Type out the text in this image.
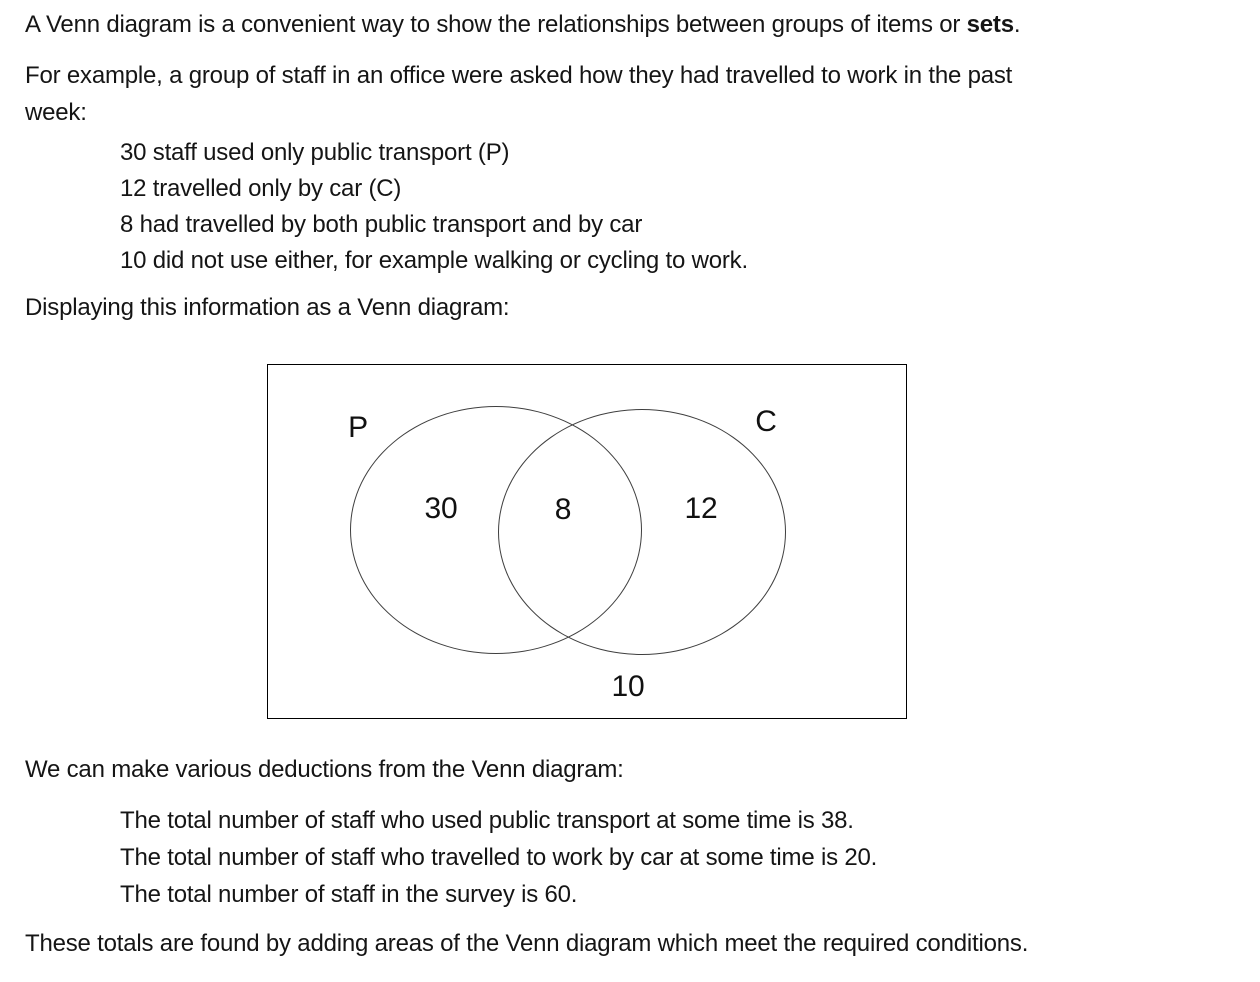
A Venn diagram is a convenient way to show the relationships between groups of items or sets.

For example, a group of staff in an office were asked how they had travelled to work in the past
week:
30 staff used only public transport (P)
12 travelled only by car (C)
8 had travelled by both public transport and by car
10 did not use either, for example walking or cycling to work.

Displaying this information as a Venn diagram:

P	C
30	8	12
10

We can make various deductions from the Venn diagram:

The total number of staff who used public transport at some time is 38.
The total number of staff who travelled to work by car at some time is 20.
The total number of staff in the survey is 60.

These totals are found by adding areas of the Venn diagram which meet the required conditions.
